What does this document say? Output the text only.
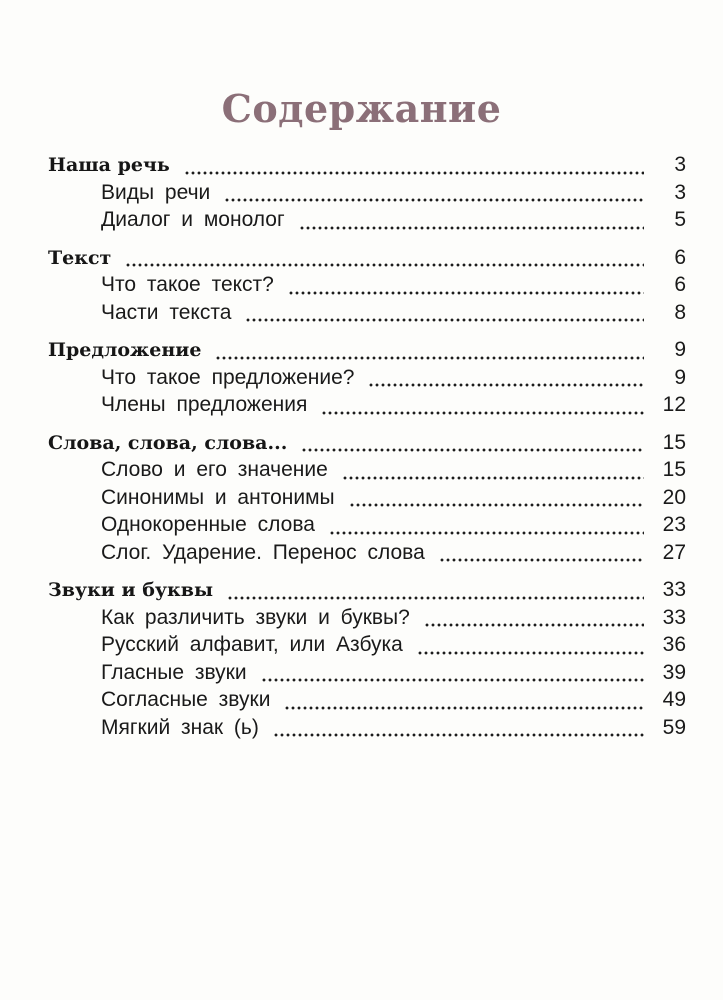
Содержание
Наша речь	3
Виды речи	3
Диалог и монолог	5
Текст	6
Что такое текст?	6
Части текста	8
Предложение	9
Что такое предложение?	9
Члены предложения	12
Слова, слова, слова...	15
Слово и его значение	15
Синонимы и антонимы	20
Однокоренные слова	23
Слог. Ударение. Перенос слова	27
Звуки и буквы	33
Как различить звуки и буквы?	33
Русский алфавит, или Азбука	36
Гласные звуки	39
Согласные звуки	49
Мягкий знак (ь)	59
